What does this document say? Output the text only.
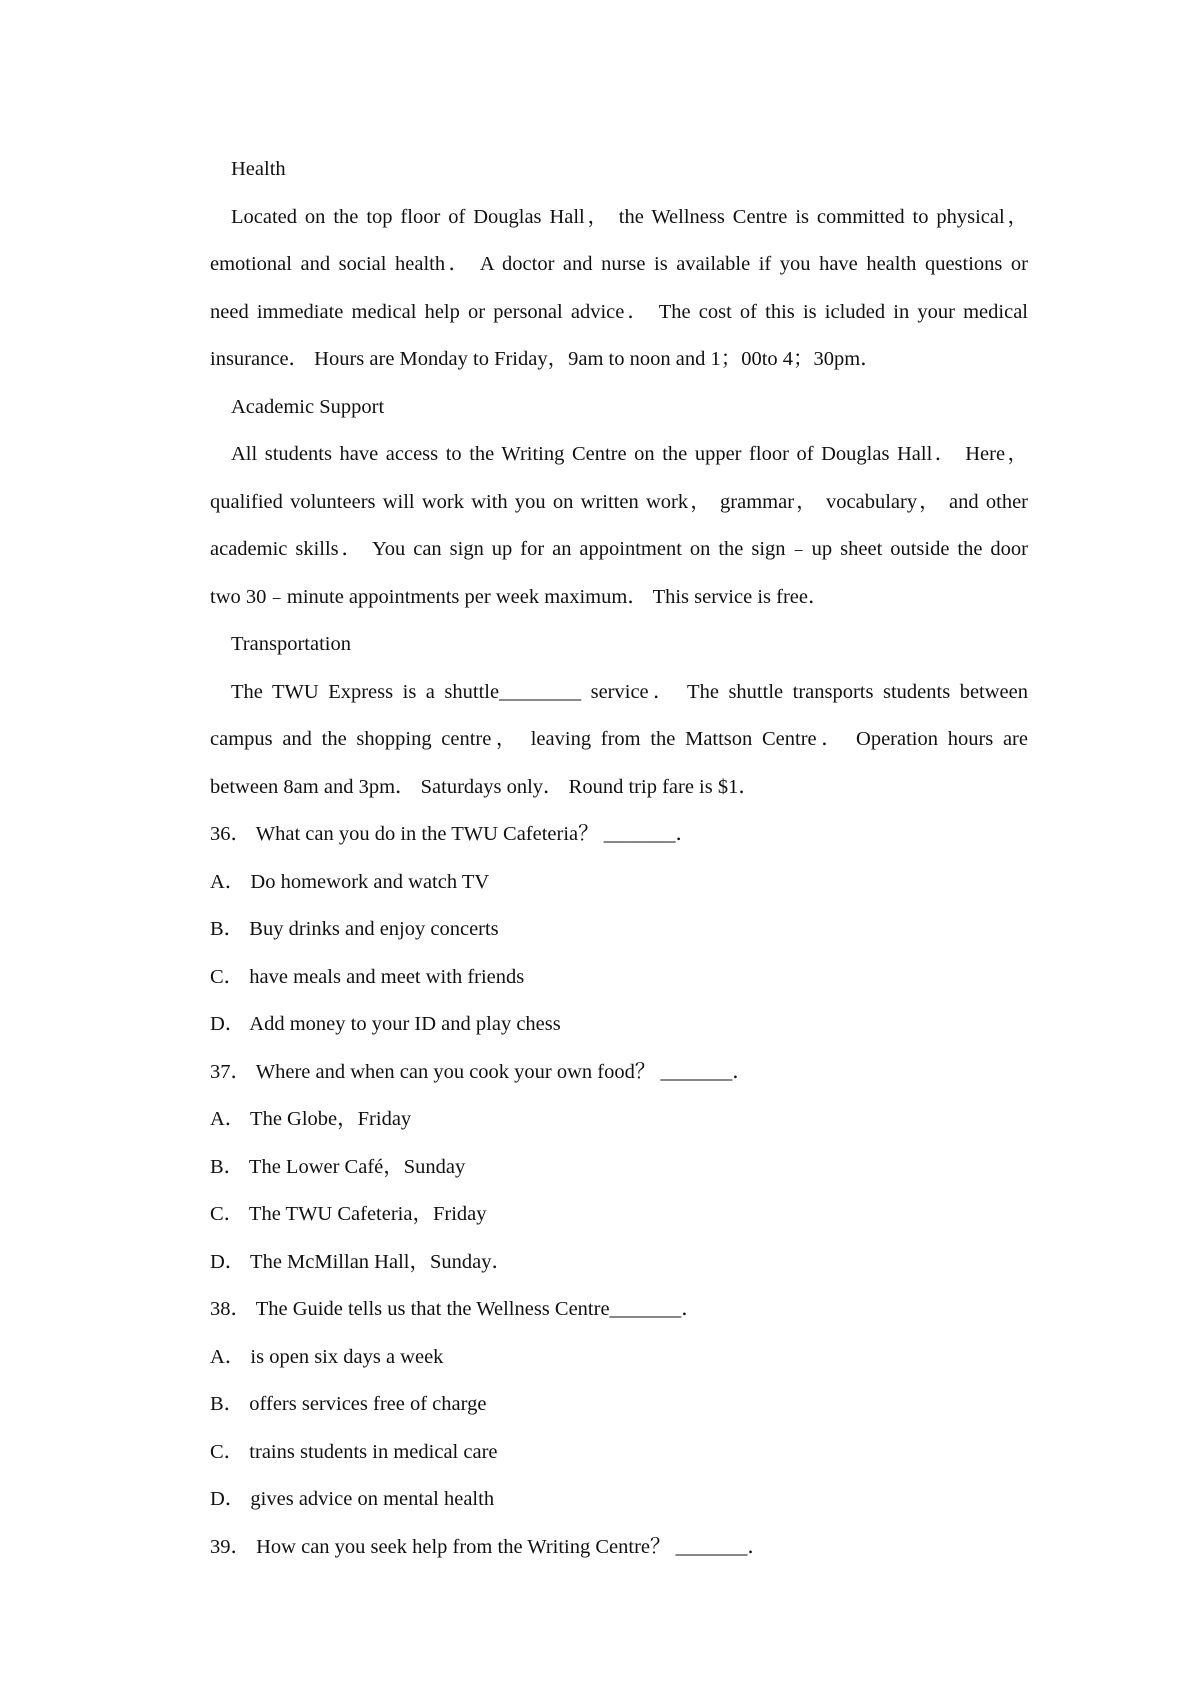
Health
Located on the top floor of Douglas Hall， the Wellness Centre is committed to physical，
emotional and social health． A doctor and nurse is available if you have health questions or
need immediate medical help or personal advice． The cost of this is icluded in your medical
insurance． Hours are Monday to Friday，9am to noon and 1；00to 4；30pm．
Academic Support
All students have access to the Writing Centre on the upper floor of Douglas Hall． Here，
qualified volunteers will work with you on written work， grammar， vocabulary， and other
academic skills． You can sign up for an appointment on the sign﹣up sheet outside the door
two 30﹣minute appointments per week maximum． This service is free．
Transportation
The TWU Express is a shuttle________ service． The shuttle transports students between
campus and the shopping centre， leaving from the Mattson Centre． Operation hours are
between 8am and 3pm． Saturdays only． Round trip fare is $1．
36． What can you do in the TWU Cafeteria？ _______．
A． Do homework and watch TV
B． Buy drinks and enjoy concerts
C． have meals and meet with friends
D． Add money to your ID and play chess
37． Where and when can you cook your own food？ _______．
A． The Globe，Friday
B． The Lower Café，Sunday
C． The TWU Cafeteria，Friday
D． The McMillan Hall，Sunday．
38． The Guide tells us that the Wellness Centre_______．
A． is open six days a week
B． offers services free of charge
C． trains students in medical care
D． gives advice on mental health
39． How can you seek help from the Writing Centre？ _______．
